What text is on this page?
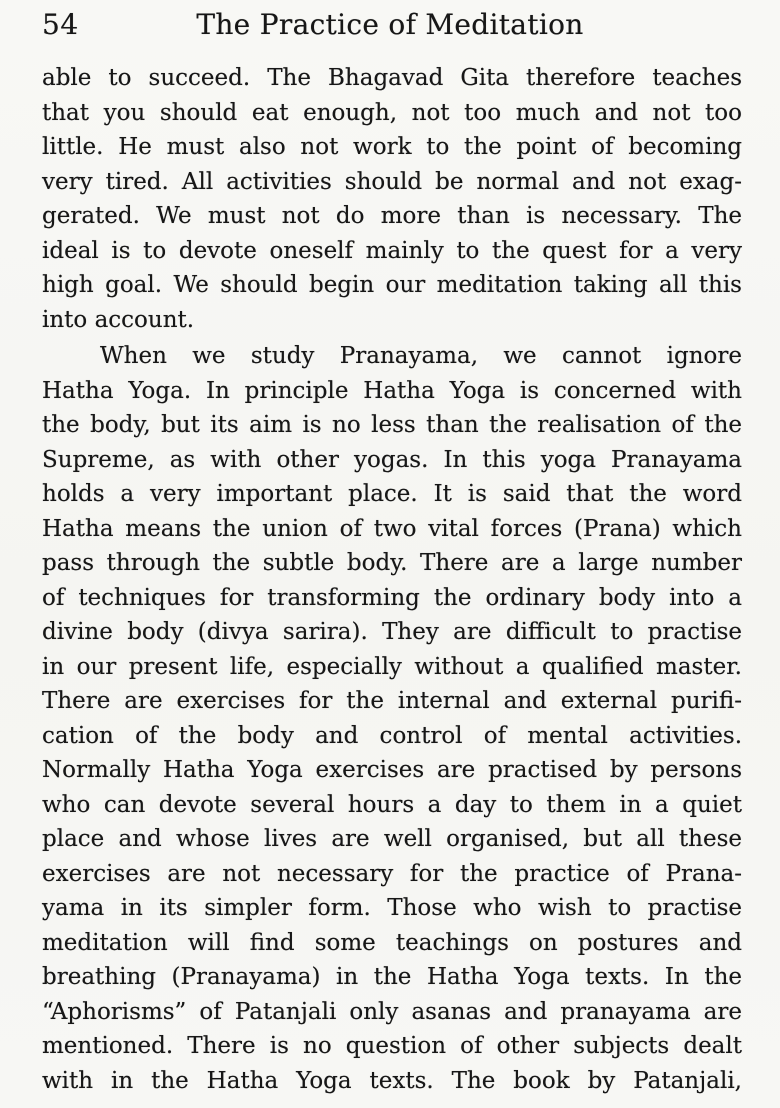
54	The Practice of Meditation
able to succeed. The Bhagavad Gita therefore teaches
that you should eat enough, not too much and not too
little. He must also not work to the point of becoming
very tired. All activities should be normal and not exag-
gerated. We must not do more than is necessary. The
ideal is to devote oneself mainly to the quest for a very
high goal. We should begin our meditation taking all this
into account.
When we study Pranayama, we cannot ignore
Hatha Yoga. In principle Hatha Yoga is concerned with
the body, but its aim is no less than the realisation of the
Supreme, as with other yogas. In this yoga Pranayama
holds a very important place. It is said that the word
Hatha means the union of two vital forces (Prana) which
pass through the subtle body. There are a large number
of techniques for transforming the ordinary body into a
divine body (divya sarira). They are difficult to practise
in our present life, especially without a qualified master.
There are exercises for the internal and external purifi-
cation of the body and control of mental activities.
Normally Hatha Yoga exercises are practised by persons
who can devote several hours a day to them in a quiet
place and whose lives are well organised, but all these
exercises are not necessary for the practice of Prana-
yama in its simpler form. Those who wish to practise
meditation will find some teachings on postures and
breathing (Pranayama) in the Hatha Yoga texts. In the
“Aphorisms” of Patanjali only asanas and pranayama are
mentioned. There is no question of other subjects dealt
with in the Hatha Yoga texts. The book by Patanjali,
